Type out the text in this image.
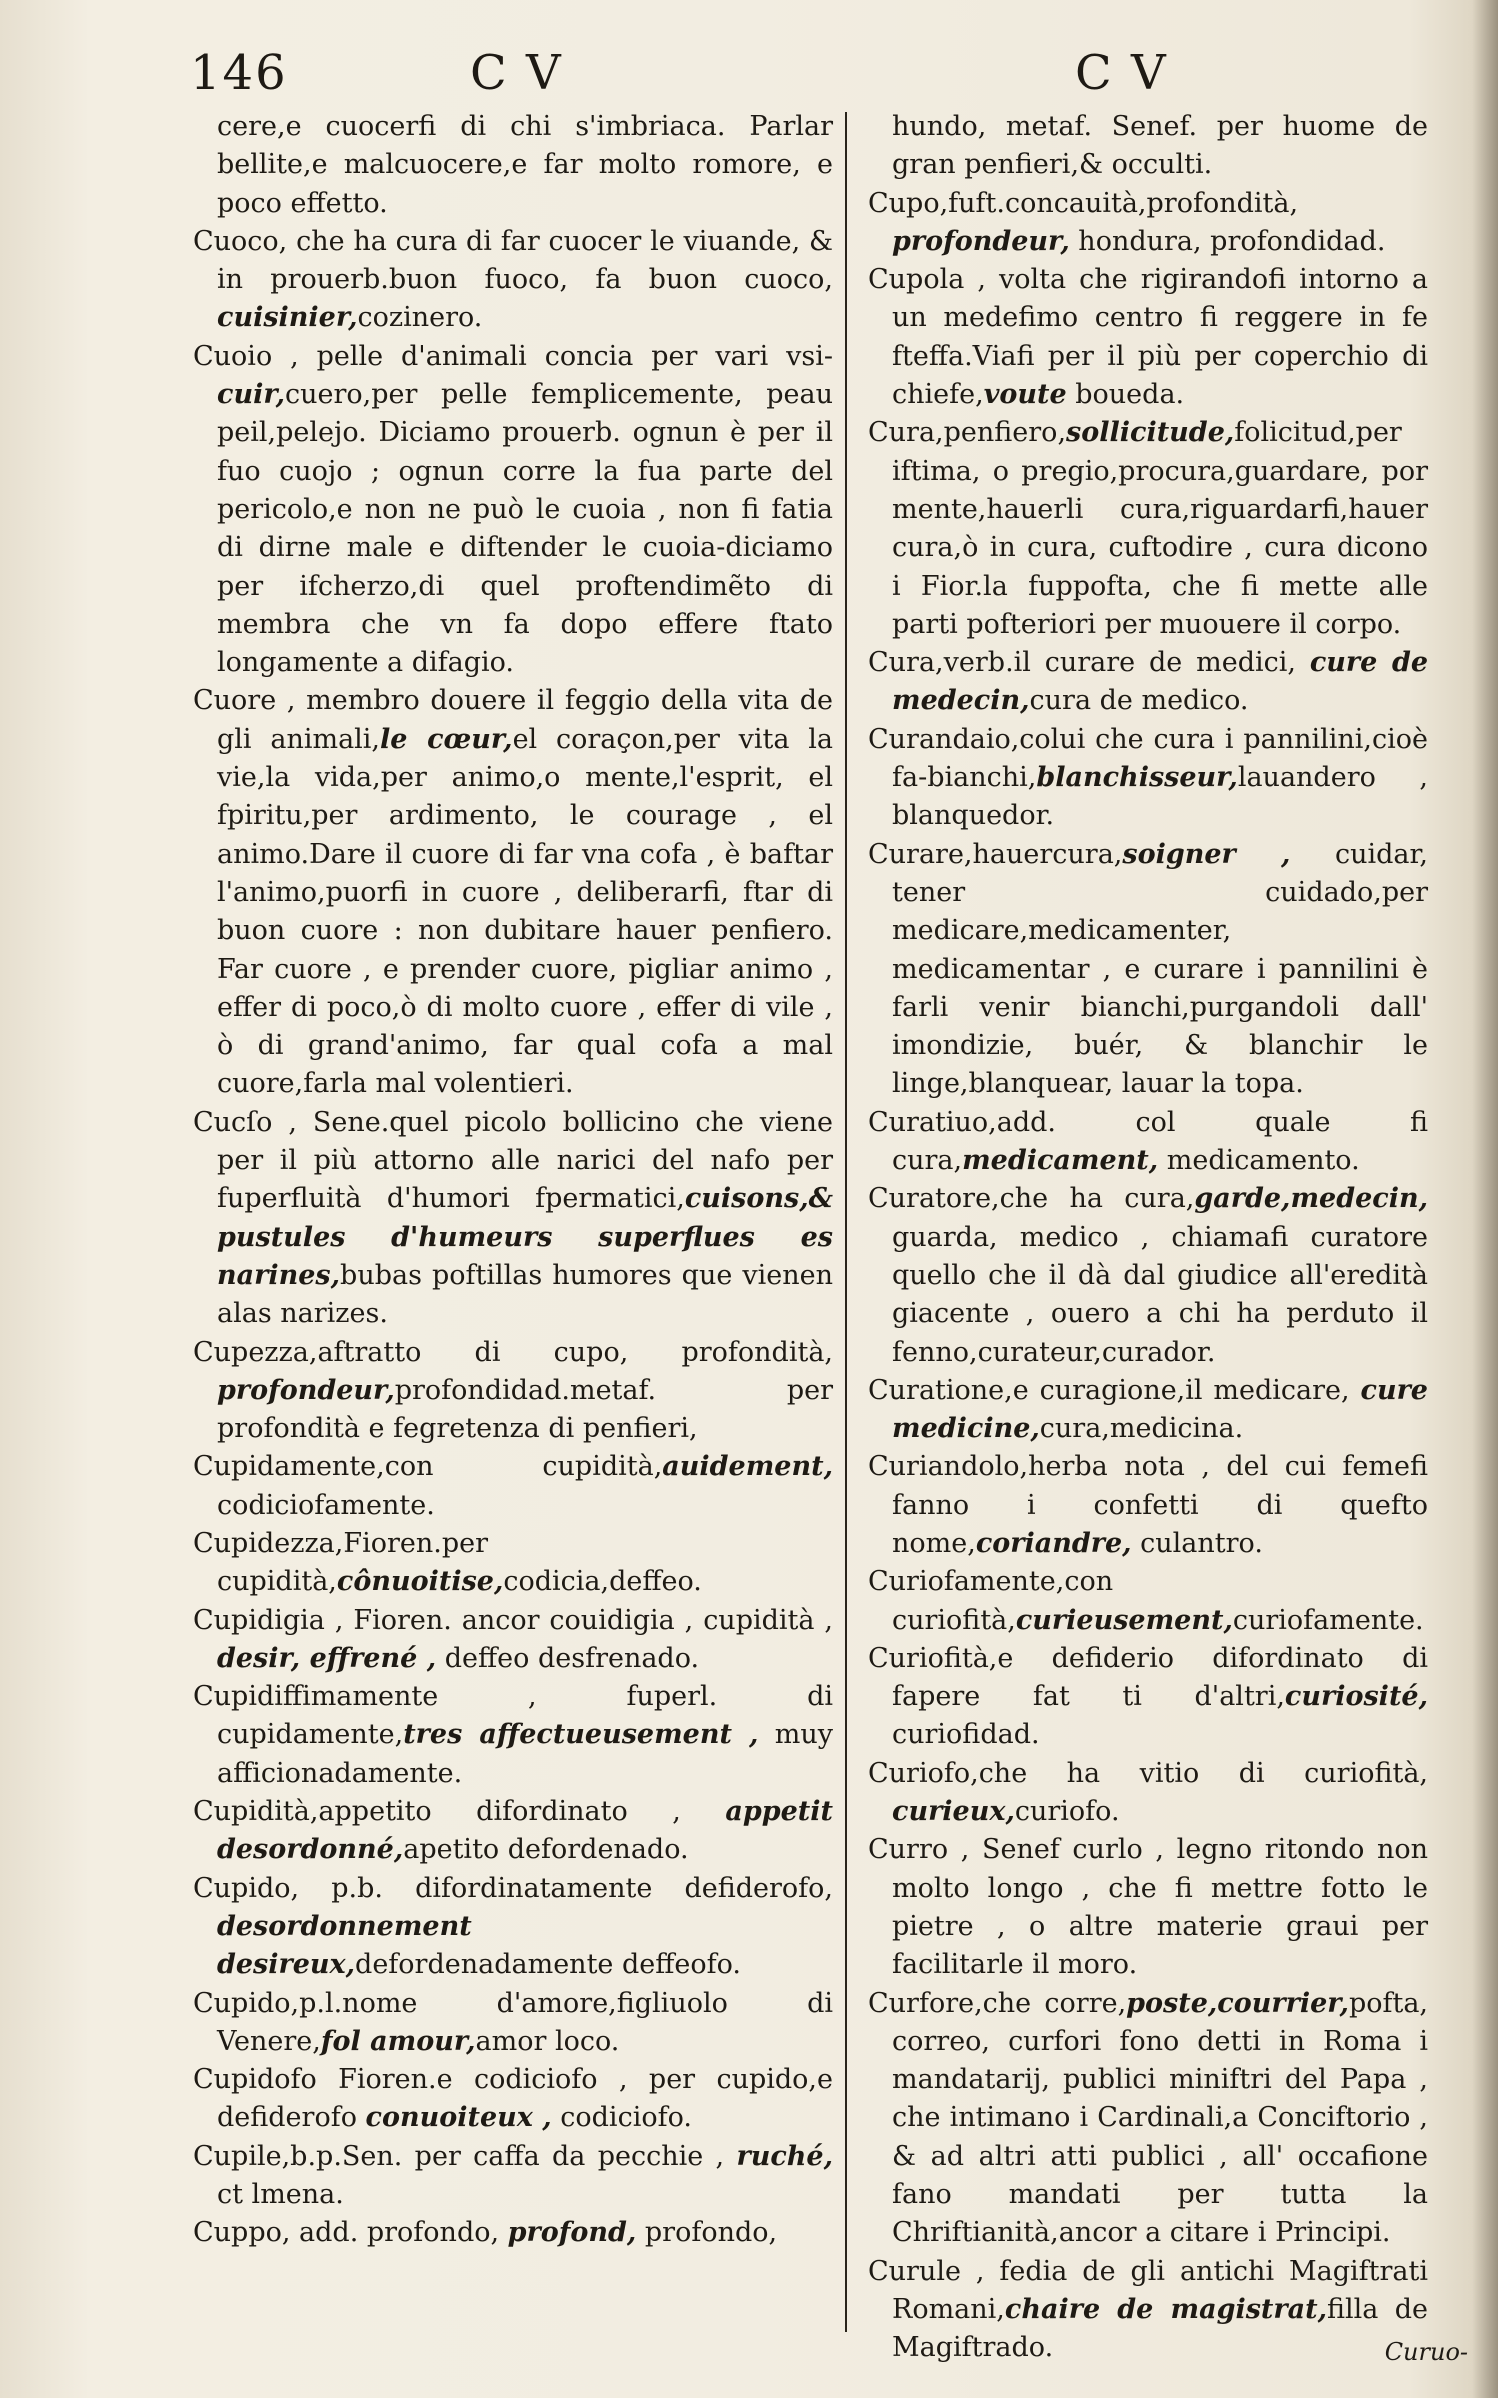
146	C V	C V

cere,e cuocerfi di chi s'imbriaca. Parlar bellite,e malcuocere,e far molto romore, e poco effetto.

Cuoco, che ha cura di far cuocer le viuande, & in prouerb.buon fuoco, fa buon cuoco, cuisinier,cozinero.

Cuoio , pelle d'animali concia per vari vsi-cuir,cuero,per pelle femplicemente, peau peil,pelejo. Diciamo prouerb. ognun è per il fuo cuojo ; ognun corre la fua parte del pericolo,e non ne può le cuoia , non fi fatia di dirne male e diftender le cuoia-diciamo per ifcherzo,di quel proftendimẽto di membra che vn fa dopo effere ftato longamente a difagio.

Cuore , membro douere il feggio della vita de gli animali,le cœur,el coraçon,per vita la vie,la vida,per animo,o mente,l'esprit, el fpiritu,per ardimento, le courage , el animo.Dare il cuore di far vna cofa , è baftar l'animo,puorfi in cuore , deliberarfi, ftar di buon cuore : non dubitare hauer penfiero. Far cuore , e prender cuore, pigliar animo , effer di poco,ò di molto cuore , effer di vile , ò di grand'animo, far qual cofa a mal cuore,farla mal volentieri.

Cucſo , Sene.quel picolo bollicino che viene per il più attorno alle narici del nafo per fuperfluità d'humori fpermatici,cuisons,& pustules d'humeurs superflues es narines,bubas poftillas humores que vienen alas narizes.

Cupezza,aftratto di cupo, profondità, profondeur,profondidad.metaf. per profondità e fegretenza di penfieri,

Cupidamente,con cupidità,auidement, codiciofamente.

Cupidezza,Fioren.per cupidità,cônuoitise,codicia,deffeo.

Cupidigia , Fioren. ancor couidigia , cupidità , desir, effrené , deffeo desfrenado.

Cupidiffimamente , fuperl. di cupidamente,tres affectueusement , muy afficionadamente.

Cupidità,appetito difordinato , appetit desordonné,apetito defordenado.

Cupido, p.b. difordinatamente defiderofo, desordonnement desireux,defordenadamente deffeofo.

Cupido,p.l.nome d'amore,figliuolo di Venere,fol amour,amor loco.

Cupidofo Fioren.e codiciofo , per cupido,e defiderofo conuoiteux , codiciofo.

Cupile,b.p.Sen. per caffa da pecchie , ruché, ct lmena.

Cuppo, add. profondo, profond, profondo,

hundo, metaf. Senef. per huome de gran penfieri,& occulti.

Cupo,fuft.concauità,profondità, profondeur, hondura, profondidad.

Cupola , volta che rigirandofi intorno a un medefimo centro fi reggere in fe fteffa.Viafi per il più per coperchio di chiefe,voute boueda.

Cura,penfiero,sollicitude,folicitud,per iftima, o pregio,procura,guardare, por mente,hauerli cura,riguardarfi,hauer cura,ò in cura, cuftodire , cura dicono i Fior.la fuppofta, che fi mette alle parti pofteriori per muouere il corpo.

Cura,verb.il curare de medici, cure de medecin,cura de medico.

Curandaio,colui che cura i pannilini,cioè fa-bianchi,blanchisseur,lauandero , blanquedor.

Curare,hauercura,soigner , cuidar, tener cuidado,per medicare,medicamenter, medicamentar , e curare i pannilini è farli venir bianchi,purgandoli dall' imondizie, buér, & blanchir le linge,blanquear, lauar la topa.

Curatiuo,add. col quale fi cura,medicament, medicamento.

Curatore,che ha cura,garde,medecin, guarda, medico , chiamafi curatore quello che il dà dal giudice all'eredità giacente , ouero a chi ha perduto il fenno,curateur,curador.

Curatione,e curagione,il medicare, cure medicine,cura,medicina.

Curiandolo,herba nota , del cui femefi fanno i confetti di quefto nome,coriandre, culantro.

Curiofamente,con curiofità,curieusement,curiofamente.

Curiofità,e defiderio difordinato di fapere fat ti d'altri,curiosité, curiofidad.

Curiofo,che ha vitio di curiofità, curieux,curiofo.

Curro , Senef curlo , legno ritondo non molto longo , che fi mettre fotto le pietre , o altre materie graui per facilitarle il moro.

Curfore,che corre,poste,courrier,pofta, correo, curfori fono detti in Roma i mandatarij, publici miniftri del Papa , che intimano i Cardinali,a Conciftorio , & ad altri atti publici , all' occafione fano mandati per tutta la Chriftianità,ancor a citare i Principi.

Curule , fedia de gli antichi Magiftrati Romani,chaire de magistrat,filla de Magiftrado.	Curuo-
